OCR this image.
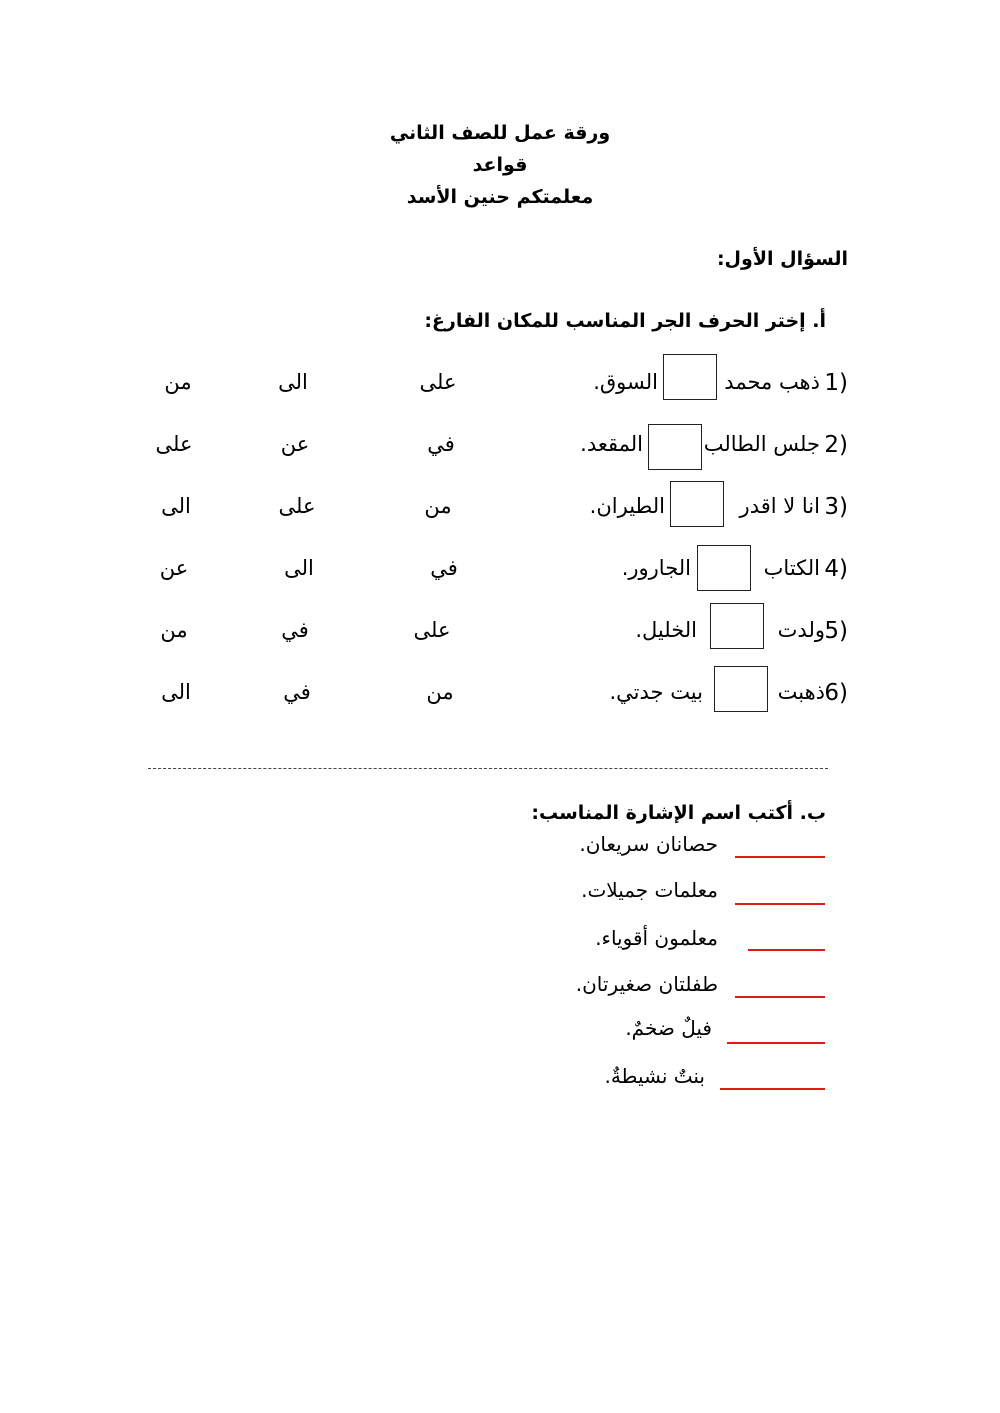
ورقة عمل للصف الثاني
قواعد
معلمتكم حنين الأسد
السؤال الأول:
أ. إختر الحرف الجر المناسب للمكان الفارغ:
1)
ذهب محمد
السوق.
على
الى
من
2)
جلس الطالب
المقعد.
في
عن
على
3)
انا لا اقدر
الطيران.
من
على
الى
4)
الكتاب
الجارور.
في
الى
عن
5)
ولدت
الخليل.
على
في
من
6)
ذهبت
بيت جدتي.
من
في
الى
ب. أكتب اسم الإشارة المناسب:
حصانان سريعان.
معلمات جميلات.
معلمون أقوياء.
طفلتان صغيرتان.
فيلٌ ضخمٌ.
بنتٌ نشيطةٌ.
